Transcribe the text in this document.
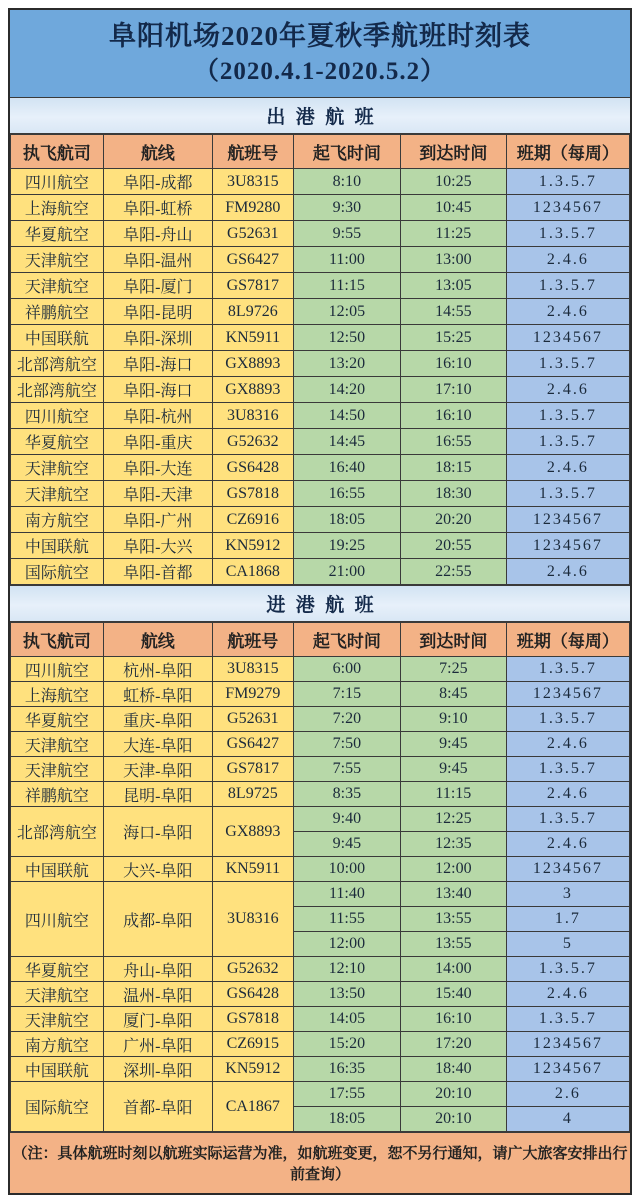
阜阳机场2020年夏秋季航班时刻表
（2020.4.1-2020.5.2）
出港航班
执飞航司	航线	航班号	起飞时间	到达时间	班期（每周）
四川航空	阜阳-成都	3U8315	8:10	10:25	1.3.5.7
上海航空	阜阳-虹桥	FM9280	9:30	10:45	1234567
华夏航空	阜阳-舟山	G52631	9:55	11:25	1.3.5.7
天津航空	阜阳-温州	GS6427	11:00	13:00	2.4.6
天津航空	阜阳-厦门	GS7817	11:15	13:05	1.3.5.7
祥鹏航空	阜阳-昆明	8L9726	12:05	14:55	2.4.6
中国联航	阜阳-深圳	KN5911	12:50	15:25	1234567
北部湾航空	阜阳-海口	GX8893	13:20	16:10	1.3.5.7
北部湾航空	阜阳-海口	GX8893	14:20	17:10	2.4.6
四川航空	阜阳-杭州	3U8316	14:50	16:10	1.3.5.7
华夏航空	阜阳-重庆	G52632	14:45	16:55	1.3.5.7
天津航空	阜阳-大连	GS6428	16:40	18:15	2.4.6
天津航空	阜阳-天津	GS7818	16:55	18:30	1.3.5.7
南方航空	阜阳-广州	CZ6916	18:05	20:20	1234567
中国联航	阜阳-大兴	KN5912	19:25	20:55	1234567
国际航空	阜阳-首都	CA1868	21:00	22:55	2.4.6
进港航班
执飞航司	航线	航班号	起飞时间	到达时间	班期（每周）
四川航空	杭州-阜阳	3U8315	6:00	7:25	1.3.5.7
上海航空	虹桥-阜阳	FM9279	7:15	8:45	1234567
华夏航空	重庆-阜阳	G52631	7:20	9:10	1.3.5.7
天津航空	大连-阜阳	GS6427	7:50	9:45	2.4.6
天津航空	天津-阜阳	GS7817	7:55	9:45	1.3.5.7
祥鹏航空	昆明-阜阳	8L9725	8:35	11:15	2.4.6
北部湾航空	海口-阜阳	GX8893	9:40	12:25	1.3.5.7
			9:45	12:35	2.4.6
中国联航	大兴-阜阳	KN5911	10:00	12:00	1234567
四川航空	成都-阜阳	3U8316	11:40	13:40	3
			11:55	13:55	1.7
			12:00	13:55	5
华夏航空	舟山-阜阳	G52632	12:10	14:00	1.3.5.7
天津航空	温州-阜阳	GS6428	13:50	15:40	2.4.6
天津航空	厦门-阜阳	GS7818	14:05	16:10	1.3.5.7
南方航空	广州-阜阳	CZ6915	15:20	17:20	1234567
中国联航	深圳-阜阳	KN5912	16:35	18:40	1234567
国际航空	首都-阜阳	CA1867	17:55	20:10	2.6
			18:05	20:10	4
（注：具体航班时刻以航班实际运营为准，如航班变更，恕不另行通知，请广大旅客安排出行前查询）
